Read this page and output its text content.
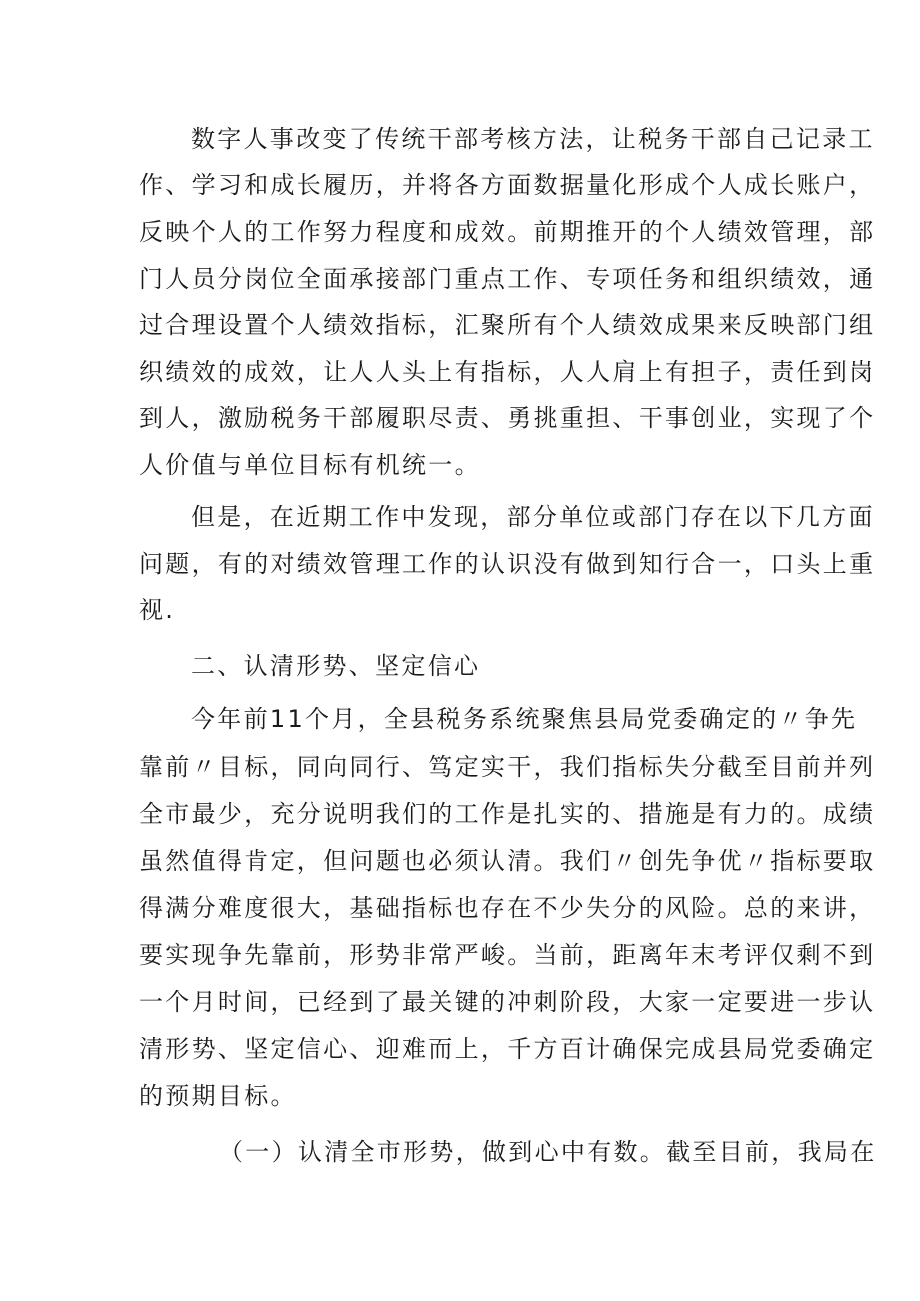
数字人事改变了传统干部考核方法，让税务干部自己记录工
作、学习和成长履历，并将各方面数据量化形成个人成长账户，
反映个人的工作努力程度和成效。前期推开的个人绩效管理，部
门人员分岗位全面承接部门重点工作、专项任务和组织绩效，通
过合理设置个人绩效指标，汇聚所有个人绩效成果来反映部门组
织绩效的成效，让人人头上有指标，人人肩上有担子，责任到岗
到人，激励税务干部履职尽责、勇挑重担、干事创业，实现了个
人价值与单位目标有机统一。
但是，在近期工作中发现，部分单位或部门存在以下几方面
问题，有的对绩效管理工作的认识没有做到知行合一，口头上重
视.
二、认清形势、坚定信心
今年前11个月，全县税务系统聚焦县局党委确定的〃争先
靠前〃目标，同向同行、笃定实干，我们指标失分截至目前并列
全市最少，充分说明我们的工作是扎实的、措施是有力的。成绩
虽然值得肯定，但问题也必须认清。我们〃创先争优〃指标要取
得满分难度很大，基础指标也存在不少失分的风险。总的来讲，
要实现争先靠前，形势非常严峻。当前，距离年末考评仅剩不到
一个月时间，已经到了最关键的冲刺阶段，大家一定要进一步认
清形势、坚定信心、迎难而上，千方百计确保完成县局党委确定
的预期目标。
（一）认清全市形势，做到心中有数。截至目前，我局在
